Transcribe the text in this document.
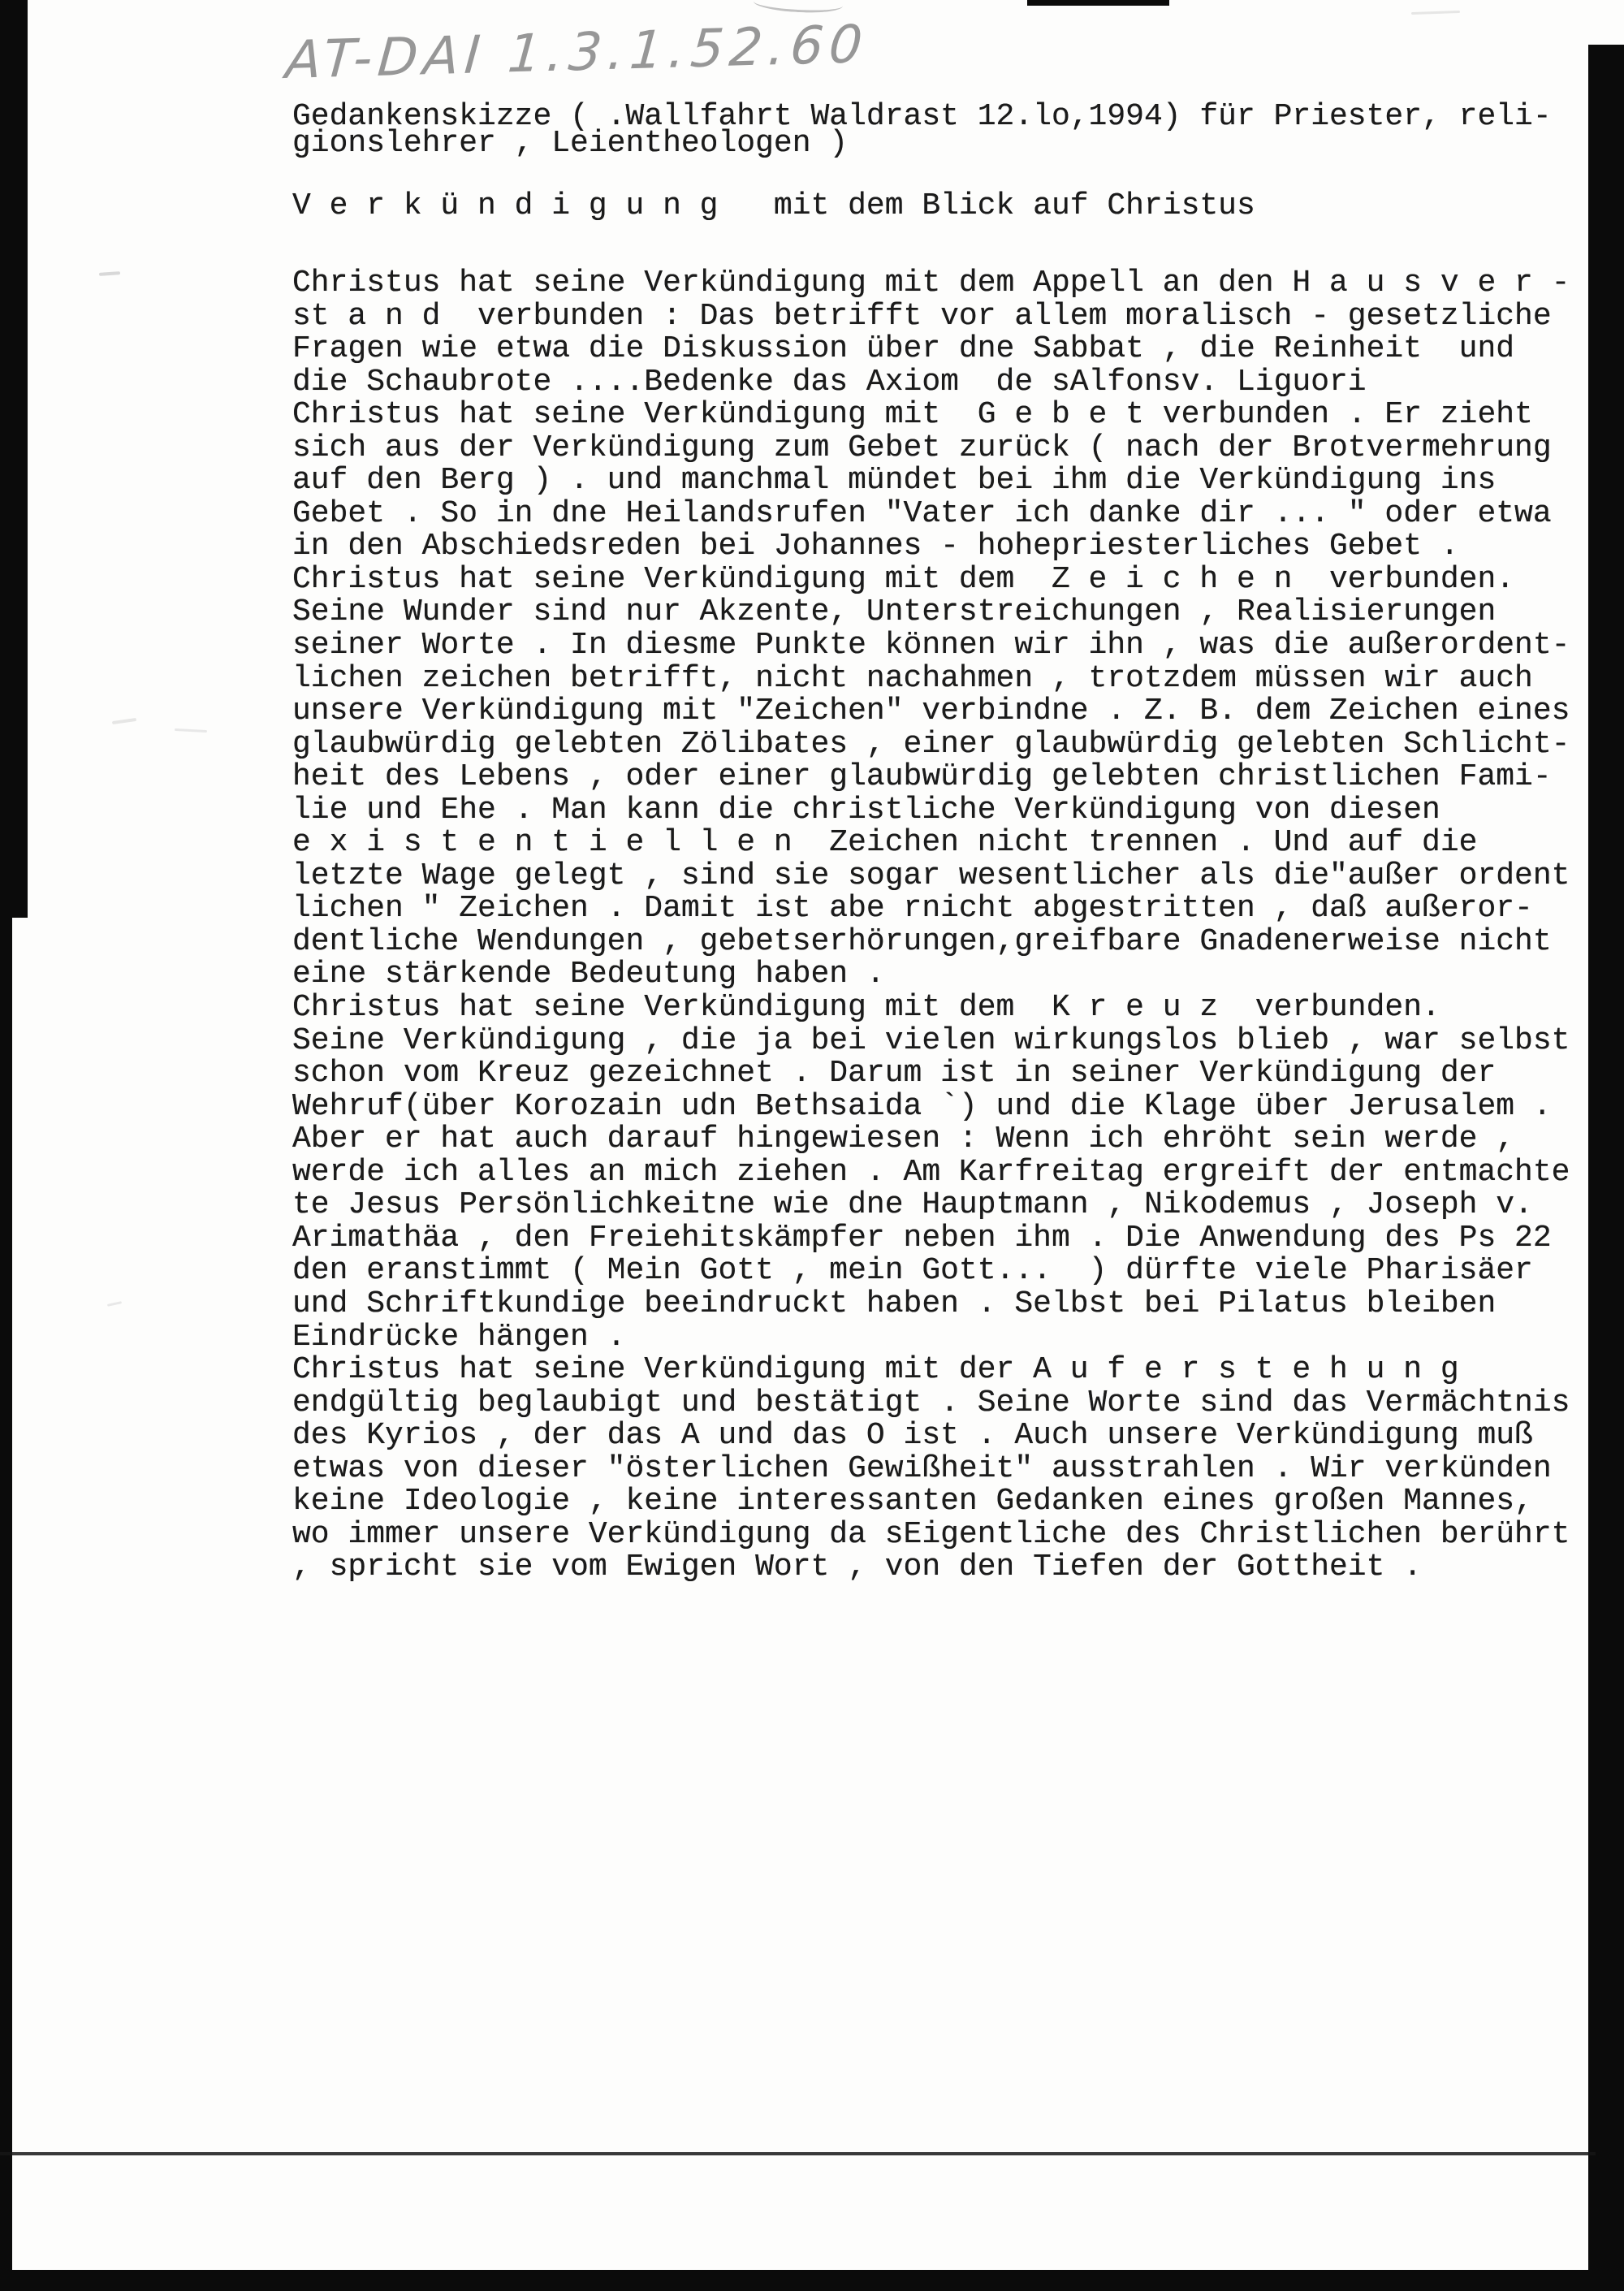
AT-DAI 1.3.1.52.60
Gedankenskizze ( .Wallfahrt Waldrast 12.lo,1994) für Priester, reli-
gionslehrer , Leientheologen )
V e r k ü n d i g u n g   mit dem Blick auf Christus
Christus hat seine Verkündigung mit dem Appell an den H a u s v e r -
st a n d  verbunden : Das betrifft vor allem moralisch - gesetzliche
Fragen wie etwa die Diskussion über dne Sabbat , die Reinheit  und
die Schaubrote ....Bedenke das Axiom  de sAlfonsv. Liguori
Christus hat seine Verkündigung mit  G e b e t verbunden . Er zieht
sich aus der Verkündigung zum Gebet zurück ( nach der Brotvermehrung
auf den Berg ) . und manchmal mündet bei ihm die Verkündigung ins
Gebet . So in dne Heilandsrufen "Vater ich danke dir ... " oder etwa
in den Abschiedsreden bei Johannes - hohepriesterliches Gebet .
Christus hat seine Verkündigung mit dem  Z e i c h e n  verbunden.
Seine Wunder sind nur Akzente, Unterstreichungen , Realisierungen
seiner Worte . In diesme Punkte können wir ihn , was die außerordent-
lichen zeichen betrifft, nicht nachahmen , trotzdem müssen wir auch
unsere Verkündigung mit "Zeichen" verbindne . Z. B. dem Zeichen eines
glaubwürdig gelebten Zölibates , einer glaubwürdig gelebten Schlicht-
heit des Lebens , oder einer glaubwürdig gelebten christlichen Fami-
lie und Ehe . Man kann die christliche Verkündigung von diesen
e x i s t e n t i e l l e n  Zeichen nicht trennen . Und auf die
letzte Wage gelegt , sind sie sogar wesentlicher als die"außer ordent
lichen " Zeichen . Damit ist abe rnicht abgestritten , daß außeror-
dentliche Wendungen , gebetserhörungen,greifbare Gnadenerweise nicht
eine stärkende Bedeutung haben .
Christus hat seine Verkündigung mit dem  K r e u z  verbunden.
Seine Verkündigung , die ja bei vielen wirkungslos blieb , war selbst
schon vom Kreuz gezeichnet . Darum ist in seiner Verkündigung der
Wehruf(über Korozain udn Bethsaida `) und die Klage über Jerusalem .
Aber er hat auch darauf hingewiesen : Wenn ich ehröht sein werde ,
werde ich alles an mich ziehen . Am Karfreitag ergreift der entmachte
te Jesus Persönlichkeitne wie dne Hauptmann , Nikodemus , Joseph v.
Arimathäa , den Freiehitskämpfer neben ihm . Die Anwendung des Ps 22
den eranstimmt ( Mein Gott , mein Gott...  ) dürfte viele Pharisäer
und Schriftkundige beeindruckt haben . Selbst bei Pilatus bleiben
Eindrücke hängen .
Christus hat seine Verkündigung mit der A u f e r s t e h u n g
endgültig beglaubigt und bestätigt . Seine Worte sind das Vermächtnis
des Kyrios , der das A und das O ist . Auch unsere Verkündigung muß
etwas von dieser "österlichen Gewißheit" ausstrahlen . Wir verkünden
keine Ideologie , keine interessanten Gedanken eines großen Mannes,
wo immer unsere Verkündigung da sEigentliche des Christlichen berührt
, spricht sie vom Ewigen Wort , von den Tiefen der Gottheit .
